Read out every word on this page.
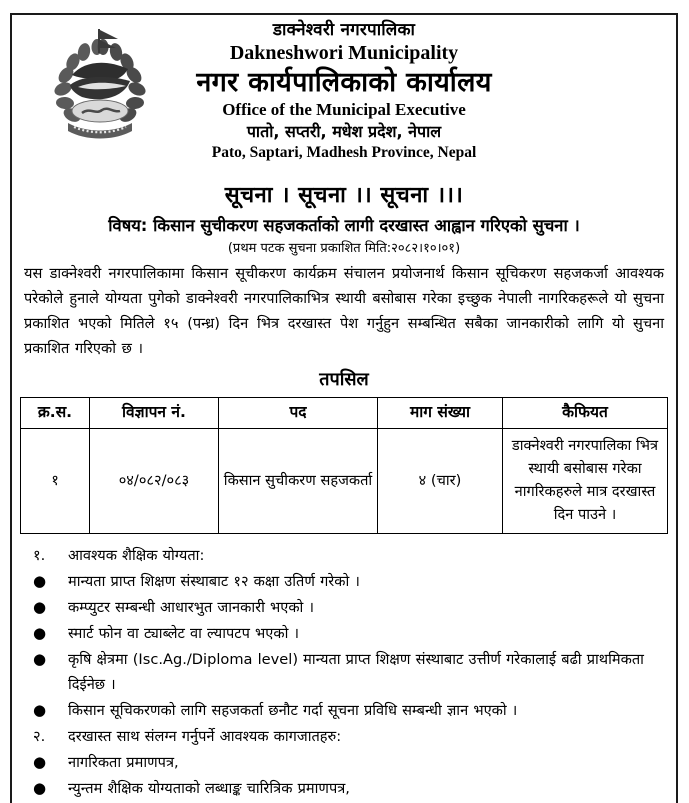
डाक्नेश्वरी नगरपालिका
Dakneshwori Municipality
नगर कार्यपालिकाको कार्यालय
Office of the Municipal Executive
पातो, सप्तरी, मधेश प्रदेश, नेपाल
Pato, Saptari, Madhesh Province, Nepal
सूचना । सूचना ।। सूचना ।।।
विषय: किसान सुचीकरण सहजकर्ताको लागी दरखास्त आह्वान गरिएको सुचना ।
(प्रथम पटक सुचना प्रकाशित मिति:२०८२।१०।०१)
यस डाक्नेश्वरी नगरपालिकामा किसान सूचीकरण कार्यक्रम संचालन प्रयोजनार्थ किसान सूचिकरण सहजकर्जा आवश्यक परेकोले हुनाले योग्यता पुगेको डाक्नेश्वरी नगरपालिकाभित्र स्थायी बसोबास गरेका इच्छुक नेपाली नागरिकहरूले यो सुचना प्रकाशित भएको मितिले १५ (पन्ध्र) दिन भित्र दरखास्त पेश गर्नुहुन सम्बन्धित सबैका जानकारीको लागि यो सुचना प्रकाशित गरिएको छ ।
तपसिल
क्र.स.	विज्ञापन नं.	पद	माग संख्या	कैफियत
१	०४/०८२/०८३	किसान सुचीकरण सहजकर्ता	४ (चार)	डाक्नेश्वरी नगरपालिका भित्र स्थायी बसोबास गरेका नागरिकहरुले मात्र दरखास्त दिन पाउने ।
१.	आवश्यक शैक्षिक योग्यता:
●	मान्यता प्राप्त शिक्षण संस्थाबाट १२ कक्षा उतिर्ण गरेको ।
●	कम्प्युटर सम्बन्धी आधारभुत जानकारी भएको ।
●	स्मार्ट फोन वा ट्याब्लेट वा ल्यापटप भएको ।
●	कृषि क्षेत्रमा (Isc.Ag./Diploma level) मान्यता प्राप्त शिक्षण संस्थाबाट उत्तीर्ण गरेकालाई बढी प्राथमिकता दिईनेछ ।
●	किसान सूचिकरणको लागि सहजकर्ता छनौट गर्दा सूचना प्रविधि सम्बन्धी ज्ञान भएको ।
२.	दरखास्त साथ संलग्न गर्नुपर्ने आवश्यक कागजातहरु:
●	नागरिकता प्रमाणपत्र,
●	न्युन्तम शैक्षिक योग्यताको लब्धाङ्क चारित्रिक प्रमाणपत्र,
